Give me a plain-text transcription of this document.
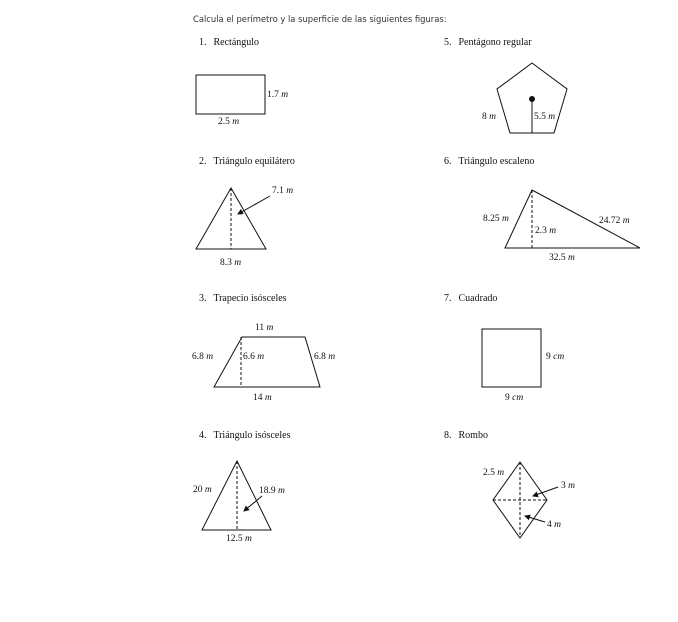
Calcula el perímetro y la superficie de las siguientes figuras:
1. Rectángulo
2. Triángulo equilátero
3. Trapecio isósceles
4. Triángulo isósceles
5. Pentágono regular
6. Triángulo escaleno
7. Cuadrado
8. Rombo
1.7 m
2.5 m
7.1 m
8.3 m
11 m
6.8 m	6.6 m	6.8 m
14 m
20 m	18.9 m
12.5 m
8 m	5.5 m
8.25 m	24.72 m
2.3 m
32.5 m
9 cm
9 cm
2.5 m
3 m
4 m
